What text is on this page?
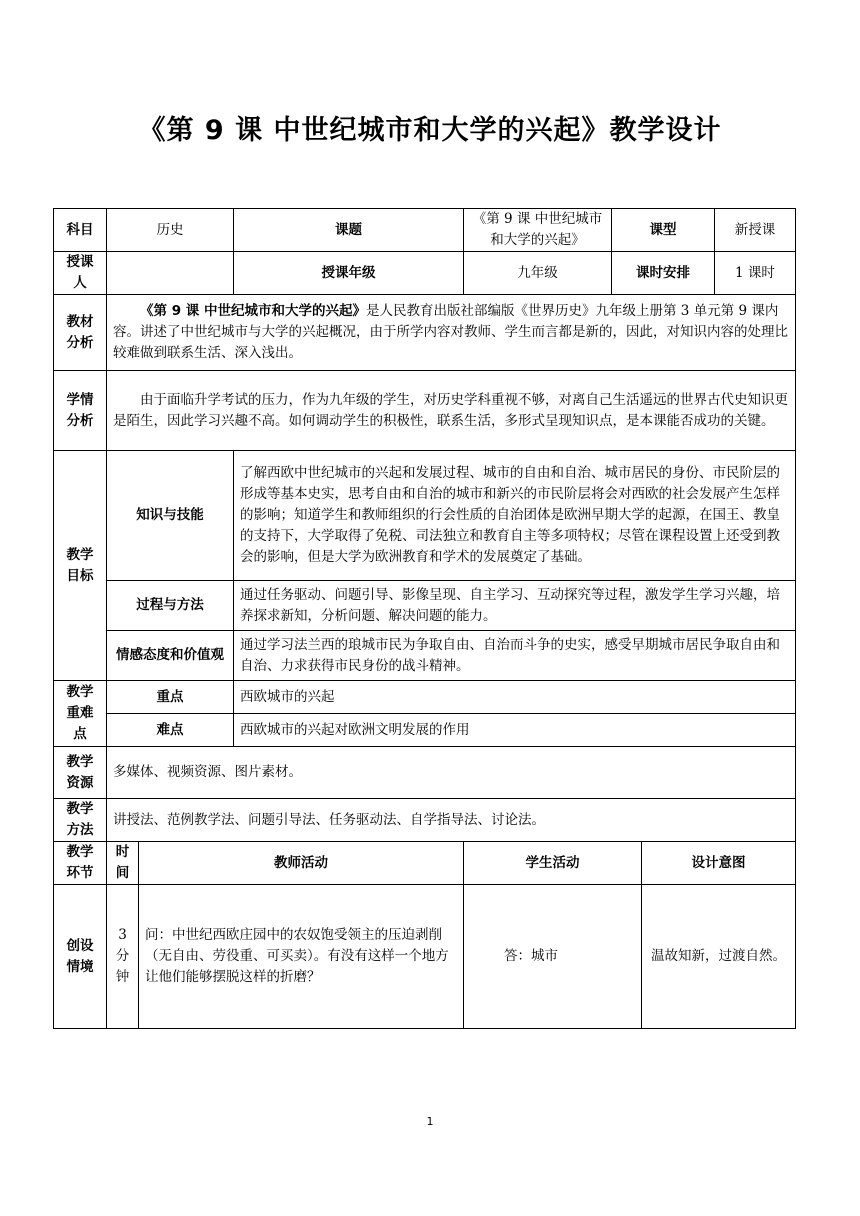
《第 9 课 中世纪城市和大学的兴起》教学设计
科目	历史		课题	《第 9 课 中世纪城市和大学的兴起》	课型		新授课
授课人			授课年级	九年级	课时安排		1 课时
教材分析	《第 9 课 中世纪城市和大学的兴起》是人民教育出版社部编版《世界历史》九年级上册第 3 单元第 9 课内容。讲述了中世纪城市与大学的兴起概况，由于所学内容对教师、学生而言都是新的，因此，对知识内容的处理比较难做到联系生活、深入浅出。						
学情分析	由于面临升学考试的压力，作为九年级的学生，对历史学科重视不够，对离自己生活遥远的世界古代史知识更是陌生，因此学习兴趣不高。如何调动学生的积极性，联系生活，多形式呈现知识点，是本课能否成功的关键。						
教学目标	知识与技能		了解西欧中世纪城市的兴起和发展过程、城市的自由和自治、城市居民的身份、市民阶层的形成等基本史实，思考自由和自治的城市和新兴的市民阶层将会对西欧的社会发展产生怎样的影响；知道学生和教师组织的行会性质的自治团体是欧洲早期大学的起源，在国王、教皇的支持下，大学取得了免税、司法独立和教育自主等多项特权；尽管在课程设置上还受到教会的影响，但是大学为欧洲教育和学术的发展奠定了基础。				
	过程与方法		通过任务驱动、问题引导、影像呈现、自主学习、互动探究等过程，激发学生学习兴趣，培养探求新知，分析问题、解决问题的能力。				
	情感态度和价值观		通过学习法兰西的琅城市民为争取自由、自治而斗争的史实，感受早期城市居民争取自由和自治、力求获得市民身份的战斗精神。				
教学重难点	重点		西欧城市的兴起				
	难点		西欧城市的兴起对欧洲文明发展的作用				
教学资源	多媒体、视频资源、图片素材。						
教学方法	讲授法、范例教学法、问题引导法、任务驱动法、自学指导法、讨论法。						
教学环节	时间	教师活动		学生活动		设计意图	
创设情境	3 分钟	问：中世纪西欧庄园中的农奴饱受领主的压迫剥削（无自由、劳役重、可买卖）。有没有这样一个地方让他们能够摆脱这样的折磨？		答：城市		温故知新，过渡自然。	
1
